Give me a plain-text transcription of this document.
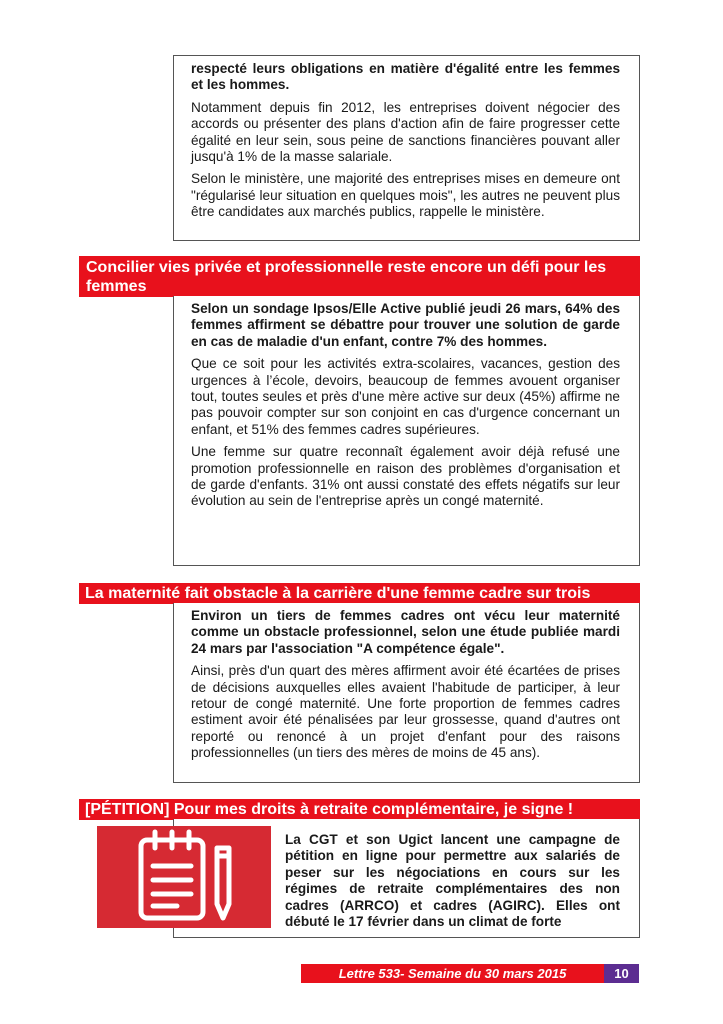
respecté leurs obligations en matière d'égalité entre les femmes et les hommes.

Notamment depuis fin 2012, les entreprises doivent négocier des accords ou présenter des plans d'action afin de faire progresser cette égalité en leur sein, sous peine de sanctions financières pouvant aller jusqu'à 1% de la masse salariale.

Selon le ministère, une majorité des entreprises mises en demeure ont "régularisé leur situation en quelques mois", les autres ne peuvent plus être candidates aux marchés publics, rappelle le ministère.

Concilier vies privée et professionnelle reste encore un défi pour les femmes

Selon un sondage Ipsos/Elle Active publié jeudi 26 mars, 64% des femmes affirment se débattre pour trouver une solution de garde en cas de maladie d'un enfant, contre 7% des hommes.

Que ce soit pour les activités extra-scolaires, vacances, gestion des urgences à l’école, devoirs, beaucoup de femmes avouent organiser tout, toutes seules et près d'une mère active sur deux (45%) affirme ne pas pouvoir compter sur son conjoint en cas d'urgence concernant un enfant, et 51% des femmes cadres supérieures.

Une femme sur quatre reconnaît également avoir déjà refusé une promotion professionnelle en raison des problèmes d'organisation et de garde d'enfants. 31% ont aussi constaté des effets négatifs sur leur évolution au sein de l'entreprise après un congé maternité.

La maternité fait obstacle à la carrière d'une femme cadre sur trois

Environ un tiers de femmes cadres ont vécu leur maternité comme un obstacle professionnel, selon une étude publiée mardi 24 mars par l'association "A compétence égale".

Ainsi, près d'un quart des mères affirment avoir été écartées de prises de décisions auxquelles elles avaient l'habitude de participer, à leur retour de congé maternité. Une forte proportion de femmes cadres estiment avoir été pénalisées par leur grossesse, quand d'autres ont reporté ou renoncé à un projet d'enfant pour des raisons professionnelles (un tiers des mères de moins de 45 ans).

[PÉTITION] Pour mes droits à retraite complémentaire, je signe !

La CGT et son Ugict lancent une campagne de pétition en ligne pour permettre aux salariés de peser sur les négociations en cours sur les régimes de retraite complémentaires des non cadres (ARRCO) et cadres (AGIRC). Elles ont débuté le 17 février dans un climat de forte

Lettre 533- Semaine du 30 mars 2015	10
